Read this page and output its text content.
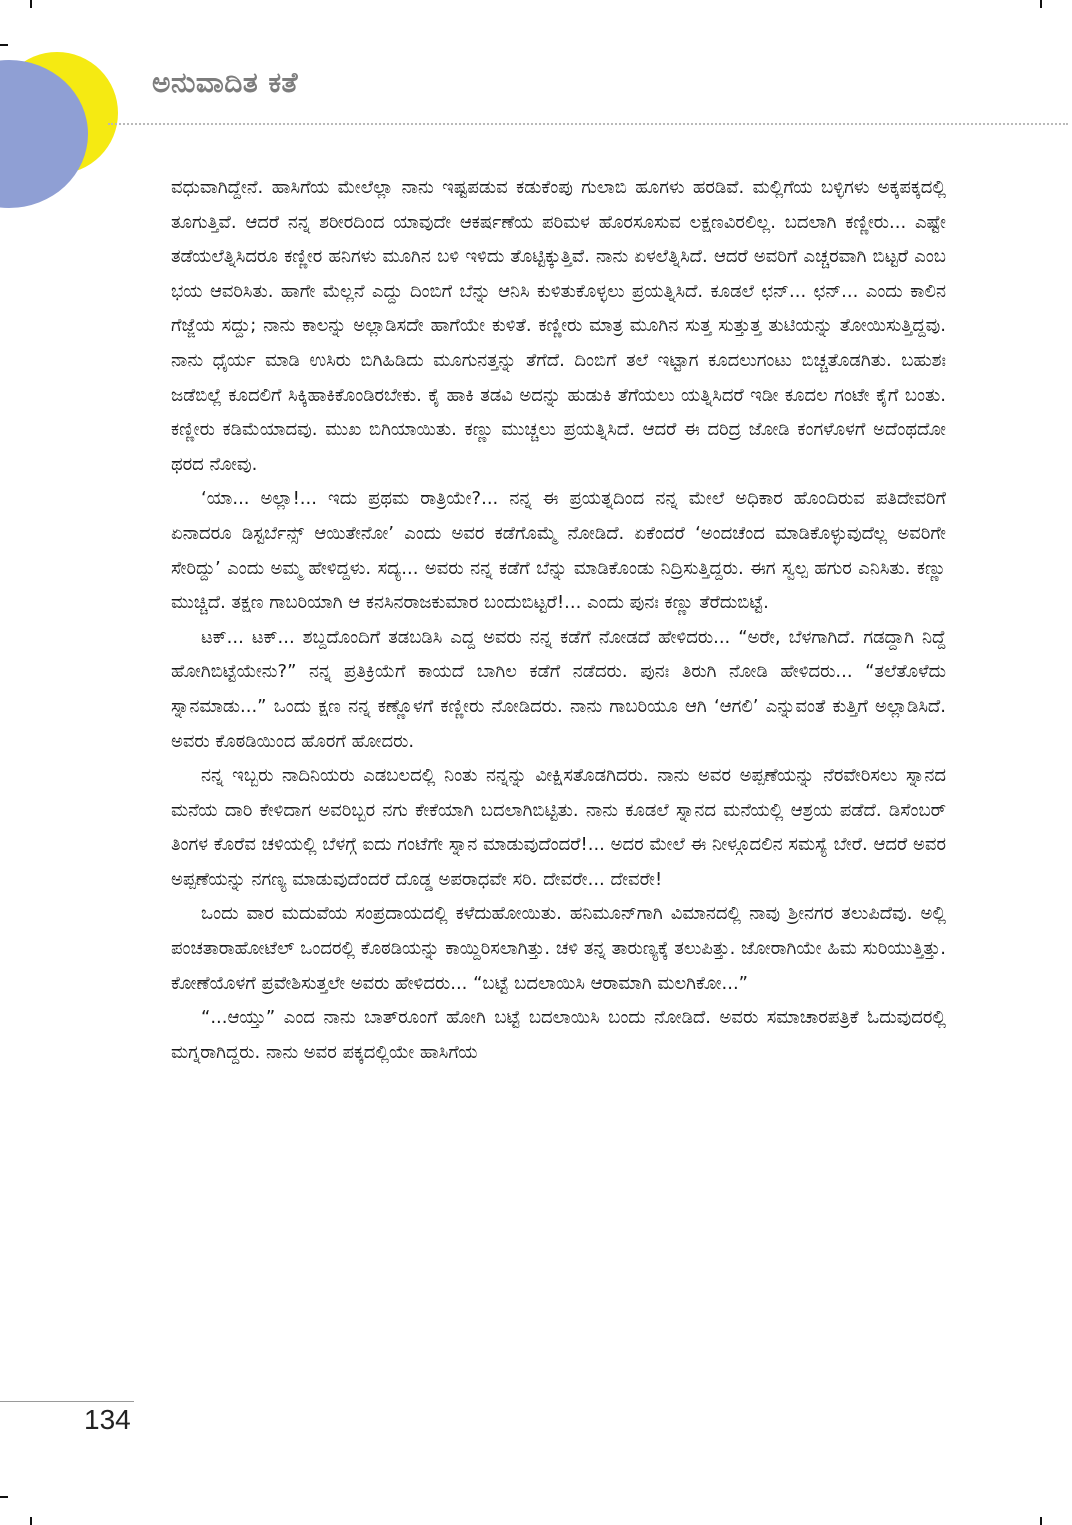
ಅನುವಾದಿತ ಕತೆ

ವಧುವಾಗಿದ್ದೇನೆ. ಹಾಸಿಗೆಯ ಮೇಲೆಲ್ಲಾ ನಾನು ಇಷ್ಟಪಡುವ ಕಡುಕೆಂಪು ಗುಲಾಬಿ ಹೂಗಳು ಹರಡಿವೆ. ಮಲ್ಲಿಗೆಯ ಬಳ್ಳಿಗಳು ಅಕ್ಕಪಕ್ಕದಲ್ಲಿ ತೂಗುತ್ತಿವೆ. ಆದರೆ ನನ್ನ ಶರೀರದಿಂದ ಯಾವುದೇ ಆಕರ್ಷಣೆಯ ಪರಿಮಳ ಹೊರಸೂಸುವ ಲಕ್ಷಣವಿರಲಿಲ್ಲ. ಬದಲಾಗಿ ಕಣ್ಣೀರು... ಎಷ್ಟೇ ತಡೆಯಲೆತ್ನಿಸಿದರೂ ಕಣ್ಣೀರ ಹನಿಗಳು ಮೂಗಿನ ಬಳಿ ಇಳಿದು ತೊಟ್ಟಿಕ್ಕುತ್ತಿವೆ. ನಾನು ಏಳಲೆತ್ನಿಸಿದೆ. ಆದರೆ ಅವರಿಗೆ ಎಚ್ಚರವಾಗಿ ಬಿಟ್ಟರೆ ಎಂಬ ಭಯ ಆವರಿಸಿತು. ಹಾಗೇ ಮೆಲ್ಲನೆ ಎದ್ದು ದಿಂಬಿಗೆ ಬೆನ್ನು ಆನಿಸಿ ಕುಳಿತುಕೊಳ್ಳಲು ಪ್ರಯತ್ನಿಸಿದೆ. ಕೂಡಲೆ ಛನ್... ಛನ್... ಎಂದು ಕಾಲಿನ ಗೆಜ್ಜೆಯ ಸದ್ದು; ನಾನು ಕಾಲನ್ನು ಅಲ್ಲಾಡಿಸದೇ ಹಾಗೆಯೇ ಕುಳಿತೆ. ಕಣ್ಣೀರು ಮಾತ್ರ ಮೂಗಿನ ಸುತ್ತ ಸುತ್ತುತ್ತ ತುಟಿಯನ್ನು ತೋಯಿಸುತ್ತಿದ್ದವು. ನಾನು ಧೈರ್ಯ ಮಾಡಿ ಉಸಿರು ಬಿಗಿಹಿಡಿದು ಮೂಗುನತ್ತನ್ನು ತೆಗೆದೆ. ದಿಂಬಿಗೆ ತಲೆ ಇಟ್ಟಾಗ ಕೂದಲುಗಂಟು ಬಿಚ್ಚತೊಡಗಿತು. ಬಹುಶಃ ಜಡೆಬಿಲ್ಲೆ ಕೂದಲಿಗೆ ಸಿಕ್ಕಿಹಾಕಿಕೊಂಡಿರಬೇಕು. ಕೈ ಹಾಕಿ ತಡವಿ ಅದನ್ನು ಹುಡುಕಿ ತೆಗೆಯಲು ಯತ್ನಿಸಿದರೆ ಇಡೀ ಕೂದಲ ಗಂಟೇ ಕೈಗೆ ಬಂತು. ಕಣ್ಣೀರು ಕಡಿಮೆಯಾದವು. ಮುಖ ಬಿಗಿಯಾಯಿತು. ಕಣ್ಣು ಮುಚ್ಚಲು ಪ್ರಯತ್ನಿಸಿದೆ. ಆದರೆ ಈ ದರಿದ್ರ ಜೋಡಿ ಕಂಗಳೊಳಗೆ ಅದೆಂಥದೋ ಥರದ ನೋವು.

‘ಯಾ... ಅಲ್ಲಾ!... ಇದು ಪ್ರಥಮ ರಾತ್ರಿಯೇ?... ನನ್ನ ಈ ಪ್ರಯತ್ನದಿಂದ ನನ್ನ ಮೇಲೆ ಅಧಿಕಾರ ಹೊಂದಿರುವ ಪತಿದೇವರಿಗೆ ಏನಾದರೂ ಡಿಸ್ಟರ್ಬೆನ್ಸ್ ಆಯಿತೇನೋ’ ಎಂದು ಅವರ ಕಡೆಗೊಮ್ಮೆ ನೋಡಿದೆ. ಏಕೆಂದರೆ ‘ಅಂದಚೆಂದ ಮಾಡಿಕೊಳ್ಳುವುದೆಲ್ಲ ಅವರಿಗೇ ಸೇರಿದ್ದು’ ಎಂದು ಅಮ್ಮ ಹೇಳಿದ್ದಳು. ಸದ್ಯ... ಅವರು ನನ್ನ ಕಡೆಗೆ ಬೆನ್ನು ಮಾಡಿಕೊಂಡು ನಿದ್ರಿಸುತ್ತಿದ್ದರು. ಈಗ ಸ್ವಲ್ಪ ಹಗುರ ಎನಿಸಿತು. ಕಣ್ಣು ಮುಚ್ಚಿದೆ. ತಕ್ಷಣ ಗಾಬರಿಯಾಗಿ ಆ ಕನಸಿನರಾಜಕುಮಾರ ಬಂದುಬಿಟ್ಟರೆ!... ಎಂದು ಪುನಃ ಕಣ್ಣು ತೆರೆದುಬಿಟ್ಟೆ.

ಟಕ್... ಟಕ್... ಶಬ್ದದೊಂದಿಗೆ ತಡಬಡಿಸಿ ಎದ್ದ ಅವರು ನನ್ನ ಕಡೆಗೆ ನೋಡದೆ ಹೇಳಿದರು... “ಅರೇ, ಬೆಳಗಾಗಿದೆ. ಗಡದ್ದಾಗಿ ನಿದ್ದೆ ಹೋಗಿಬಿಟ್ಟೆಯೇನು?” ನನ್ನ ಪ್ರತಿಕ್ರಿಯೆಗೆ ಕಾಯದೆ ಬಾಗಿಲ ಕಡೆಗೆ ನಡೆದರು. ಪುನಃ ತಿರುಗಿ ನೋಡಿ ಹೇಳಿದರು... “ತಲೆತೊಳೆದು ಸ್ನಾನಮಾಡು...” ಒಂದು ಕ್ಷಣ ನನ್ನ ಕಣ್ಣೊಳಗೆ ಕಣ್ಣೀರು ನೋಡಿದರು. ನಾನು ಗಾಬರಿಯೂ ಆಗಿ ‘ಆಗಲಿ’ ಎನ್ನುವಂತೆ ಕುತ್ತಿಗೆ ಅಲ್ಲಾಡಿಸಿದೆ. ಅವರು ಕೊಠಡಿಯಿಂದ ಹೊರಗೆ ಹೋದರು.

ನನ್ನ ಇಬ್ಬರು ನಾದಿನಿಯರು ಎಡಬಲದಲ್ಲಿ ನಿಂತು ನನ್ನನ್ನು ವೀಕ್ಷಿಸತೊಡಗಿದರು. ನಾನು ಅವರ ಅಪ್ಪಣೆಯನ್ನು ನೆರವೇರಿಸಲು ಸ್ನಾನದ ಮನೆಯ ದಾರಿ ಕೇಳಿದಾಗ ಅವರಿಬ್ಬರ ನಗು ಕೇಕೆಯಾಗಿ ಬದಲಾಗಿಬಿಟ್ಟಿತು. ನಾನು ಕೂಡಲೆ ಸ್ನಾನದ ಮನೆಯಲ್ಲಿ ಆಶ್ರಯ ಪಡೆದೆ. ಡಿಸೆಂಬರ್ ತಿಂಗಳ ಕೊರೆವ ಚಳಿಯಲ್ಲಿ ಬೆಳಗ್ಗೆ ಐದು ಗಂಟೆಗೇ ಸ್ನಾನ ಮಾಡುವುದೆಂದರೆ!... ಅದರ ಮೇಲೆ ಈ ನೀಳ್ಗೂದಲಿನ ಸಮಸ್ಯೆ ಬೇರೆ. ಆದರೆ ಅವರ ಅಪ್ಪಣೆಯನ್ನು ನಗಣ್ಯ ಮಾಡುವುದೆಂದರೆ ದೊಡ್ಡ ಅಪರಾಧವೇ ಸರಿ. ದೇವರೇ... ದೇವರೇ!

ಒಂದು ವಾರ ಮದುವೆಯ ಸಂಪ್ರದಾಯದಲ್ಲಿ ಕಳೆದುಹೋಯಿತು. ಹನಿಮೂನ್‌ಗಾಗಿ ವಿಮಾನದಲ್ಲಿ ನಾವು ಶ್ರೀನಗರ ತಲುಪಿದೆವು. ಅಲ್ಲಿ ಪಂಚತಾರಾಹೋಟೆಲ್ ಒಂದರಲ್ಲಿ ಕೊಠಡಿಯನ್ನು ಕಾಯ್ದಿರಿಸಲಾಗಿತ್ತು. ಚಳಿ ತನ್ನ ತಾರುಣ್ಯಕ್ಕೆ ತಲುಪಿತ್ತು. ಜೋರಾಗಿಯೇ ಹಿಮ ಸುರಿಯುತ್ತಿತ್ತು. ಕೋಣೆಯೊಳಗೆ ಪ್ರವೇಶಿಸುತ್ತಲೇ ಅವರು ಹೇಳಿದರು... “ಬಟ್ಟೆ ಬದಲಾಯಿಸಿ ಆರಾಮಾಗಿ ಮಲಗಿಕೋ...”

“...ಆಯ್ತು” ಎಂದ ನಾನು ಬಾತ್‌ರೂಂಗೆ ಹೋಗಿ ಬಟ್ಟೆ ಬದಲಾಯಿಸಿ ಬಂದು ನೋಡಿದೆ. ಅವರು ಸಮಾಚಾರಪತ್ರಿಕೆ ಓದುವುದರಲ್ಲಿ ಮಗ್ನರಾಗಿದ್ದರು. ನಾನು ಅವರ ಪಕ್ಕದಲ್ಲಿಯೇ ಹಾಸಿಗೆಯ

134
